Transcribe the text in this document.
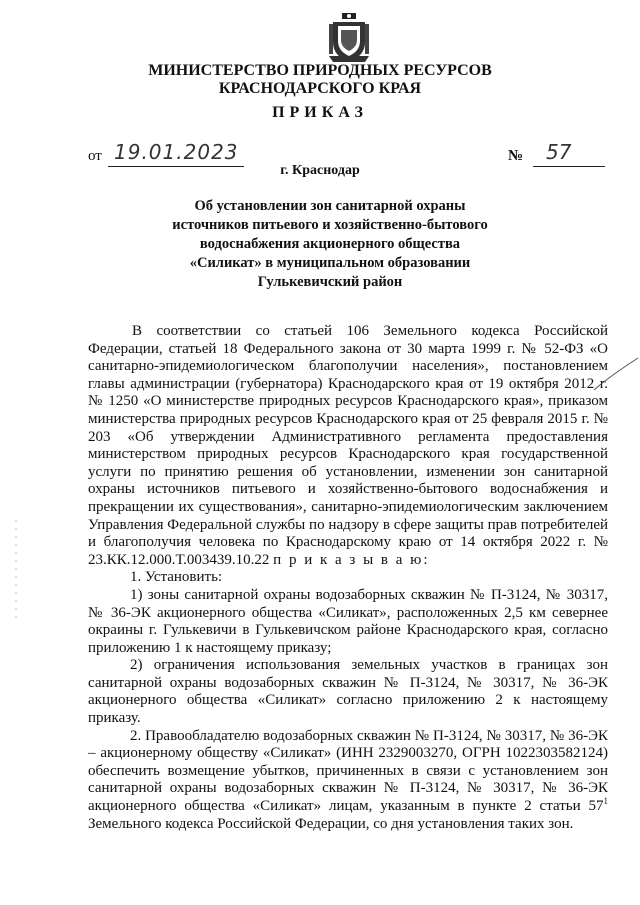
МИНИСТЕРСТВО ПРИРОДНЫХ РЕСУРСОВ
КРАСНОДАРСКОГО КРАЯ
ПРИКАЗ
от 19.01.2023	№ 57
г. Краснодар
Об установлении зон санитарной охраны
источников питьевого и хозяйственно-бытового
водоснабжения акционерного общества
«Силикат» в муниципальном образовании
Гулькевичский район

В соответствии со статьей 106 Земельного кодекса Российской Федерации, статьей 18 Федерального закона от 30 марта 1999 г. № 52-ФЗ «О санитарно-эпидемиологическом благополучии населения», постановлением главы администрации (губернатора) Краснодарского края от 19 октября 2012 г. № 1250 «О министерстве природных ресурсов Краснодарского края», приказом министерства природных ресурсов Краснодарского края от 25 февраля 2015 г. № 203 «Об утверждении Административного регламента предоставления министерством природных ресурсов Краснодарского края государственной услуги по принятию решения об установлении, изменении зон санитарной охраны источников питьевого и хозяйственно-бытового водоснабжения и прекращении их существования», санитарно-эпидемиологическим заключением Управления Федеральной службы по надзору в сфере защиты прав потребителей и благополучия человека по Краснодарскому краю от 14 октября 2022 г. № 23.КК.12.000.Т.003439.10.22 п р и к а з ы в а ю:

1. Установить:

1) зоны санитарной охраны водозаборных скважин № П-3124, № 30317, № 36-ЭК акционерного общества «Силикат», расположенных 2,5 км севернее окраины г. Гулькевичи в Гулькевичском районе Краснодарского края, согласно приложению 1 к настоящему приказу;

2) ограничения использования земельных участков в границах зон санитарной охраны водозаборных скважин № П-3124, № 30317, № 36-ЭК акционерного общества «Силикат» согласно приложению 2 к настоящему приказу.

2. Правообладателю водозаборных скважин № П-3124, № 30317, № 36-ЭК – акционерному обществу «Силикат» (ИНН 2329003270, ОГРН 1022303582124) обеспечить возмещение убытков, причиненных в связи с установлением зон санитарной охраны водозаборных скважин № П-3124, № 30317, № 36-ЭК акционерного общества «Силикат» лицам, указанным в пункте 2 статьи $57^1$ Земельного кодекса Российской Федерации, со дня установления таких зон.
